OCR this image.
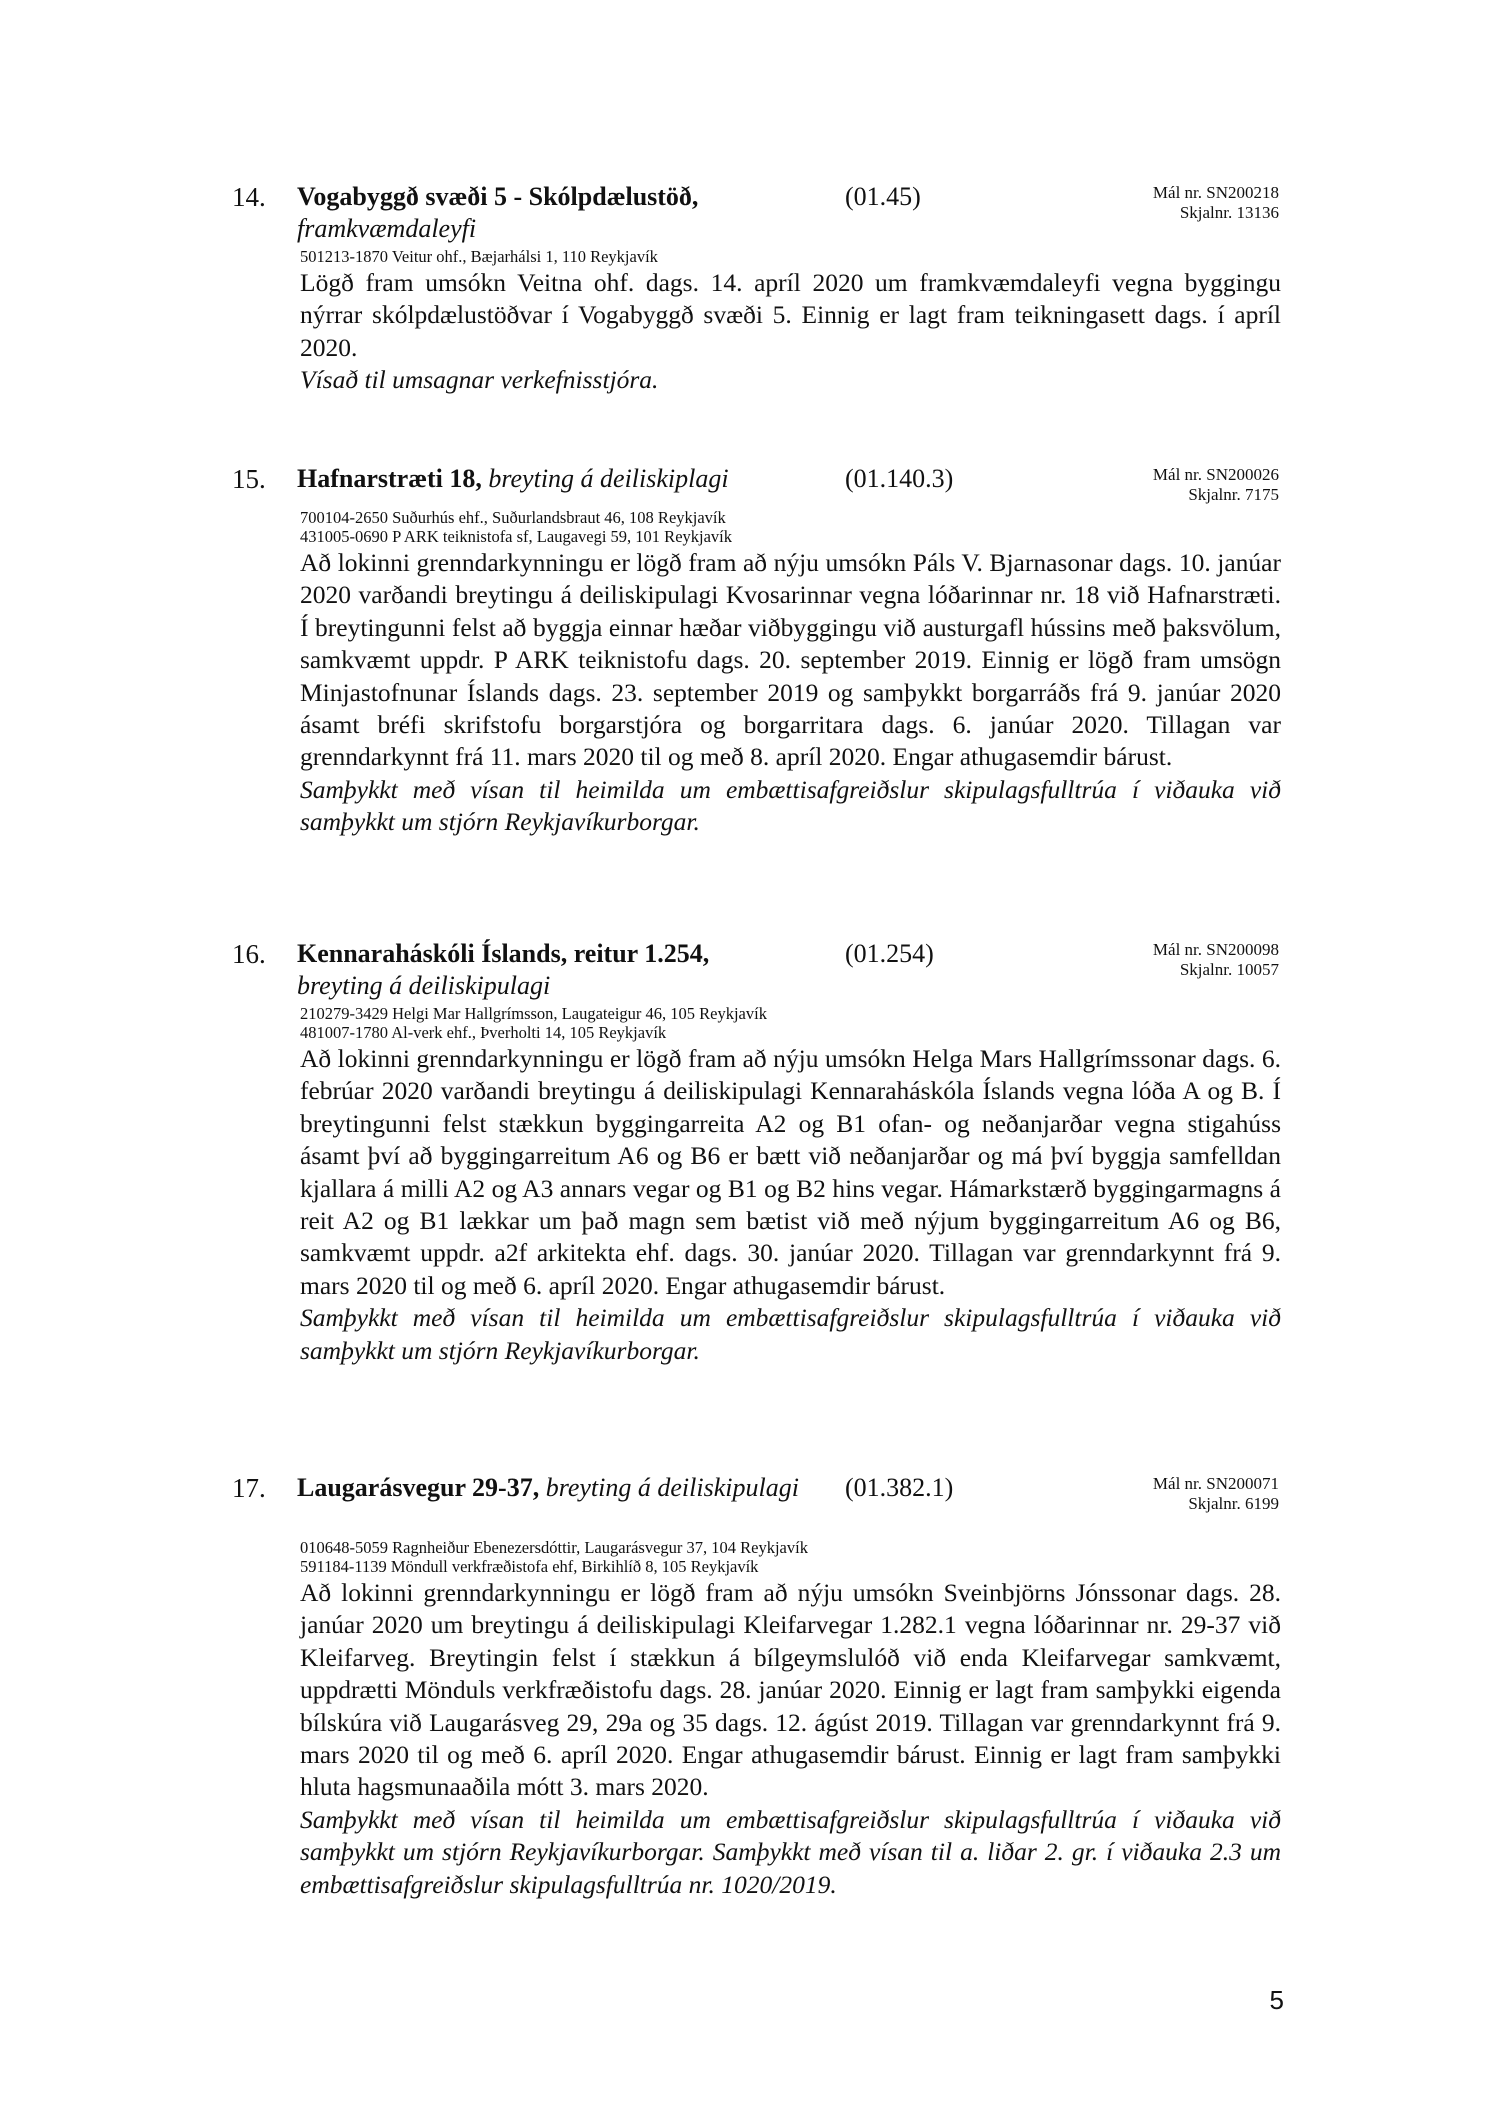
14. Vogabyggð svæði 5 - Skólpdælustöð,
framkvæmdaleyfi
(01.45)	Mál nr. SN200218
Skjalnr. 13136
501213-1870 Veitur ohf., Bæjarhálsi 1, 110 Reykjavík
Lögð fram umsókn Veitna ohf. dags. 14. apríl 2020 um framkvæmdaleyfi vegna byggingu nýrrar skólpdælustöðvar í Vogabyggð svæði 5. Einnig er lagt fram teikningasett dags. í apríl 2020.
Vísað til umsagnar verkefnisstjóra.
15. Hafnarstræti 18, breyting á deiliskiplagi	(01.140.3)	Mál nr. SN200026
Skjalnr. 7175
700104-2650 Suðurhús ehf., Suðurlandsbraut 46, 108 Reykjavík
431005-0690 P ARK teiknistofa sf, Laugavegi 59, 101 Reykjavík
Að lokinni grenndarkynningu er lögð fram að nýju umsókn Páls V. Bjarnasonar dags. 10. janúar 2020 varðandi breytingu á deiliskipulagi Kvosarinnar vegna lóðarinnar nr. 18 við Hafnarstræti. Í breytingunni felst að byggja einnar hæðar viðbyggingu við austurgafl hússins með þaksvölum, samkvæmt uppdr. P ARK teiknistofu dags. 20. september 2019. Einnig er lögð fram umsögn Minjastofnunar Íslands dags. 23. september 2019 og samþykkt borgarráðs frá 9. janúar 2020 ásamt bréfi skrifstofu borgarstjóra og borgarritara dags. 6. janúar 2020. Tillagan var grenndarkynnt frá 11. mars 2020 til og með 8. apríl 2020. Engar athugasemdir bárust.
Samþykkt með vísan til heimilda um embættisafgreiðslur skipulagsfulltrúa í viðauka við samþykkt um stjórn Reykjavíkurborgar.
16. Kennaraháskóli Íslands, reitur 1.254,
breyting á deiliskipulagi
(01.254)	Mál nr. SN200098
Skjalnr. 10057
210279-3429 Helgi Mar Hallgrímsson, Laugateigur 46, 105 Reykjavík
481007-1780 Al-verk ehf., Þverholti 14, 105 Reykjavík
Að lokinni grenndarkynningu er lögð fram að nýju umsókn Helga Mars Hallgrímssonar dags. 6. febrúar 2020 varðandi breytingu á deiliskipulagi Kennaraháskóla Íslands vegna lóða A og B. Í breytingunni felst stækkun byggingarreita A2 og B1 ofan- og neðanjarðar vegna stigahúss ásamt því að byggingarreitum A6 og B6 er bætt við neðanjarðar og má því byggja samfelldan kjallara á milli A2 og A3 annars vegar og B1 og B2 hins vegar. Hámarkstærð byggingarmagns á reit A2 og B1 lækkar um það magn sem bætist við með nýjum byggingarreitum A6 og B6, samkvæmt uppdr. a2f arkitekta ehf. dags. 30. janúar 2020. Tillagan var grenndarkynnt frá 9. mars 2020 til og með 6. apríl 2020. Engar athugasemdir bárust.
Samþykkt með vísan til heimilda um embættisafgreiðslur skipulagsfulltrúa í viðauka við samþykkt um stjórn Reykjavíkurborgar.
17. Laugarásvegur 29-37, breyting á deiliskipulagi	(01.382.1)	Mál nr. SN200071
Skjalnr. 6199
010648-5059 Ragnheiður Ebenezersdóttir, Laugarásvegur 37, 104 Reykjavík
591184-1139 Möndull verkfræðistofa ehf, Birkihlíð 8, 105 Reykjavík
Að lokinni grenndarkynningu er lögð fram að nýju umsókn Sveinbjörns Jónssonar dags. 28. janúar 2020 um breytingu á deiliskipulagi Kleifarvegar 1.282.1 vegna lóðarinnar nr. 29-37 við Kleifarveg. Breytingin felst í stækkun á bílgeymslulóð við enda Kleifarvegar samkvæmt, uppdrætti Mönduls verkfræðistofu dags. 28. janúar 2020. Einnig er lagt fram samþykki eigenda bílskúra við Laugarásveg 29, 29a og 35 dags. 12. ágúst 2019. Tillagan var grenndarkynnt frá 9. mars 2020 til og með 6. apríl 2020. Engar athugasemdir bárust. Einnig er lagt fram samþykki hluta hagsmunaaðila mótt 3. mars 2020.
Samþykkt með vísan til heimilda um embættisafgreiðslur skipulagsfulltrúa í viðauka við samþykkt um stjórn Reykjavíkurborgar. Samþykkt með vísan til a. liðar 2. gr. í viðauka 2.3 um embættisafgreiðslur skipulagsfulltrúa nr. 1020/2019.
5
